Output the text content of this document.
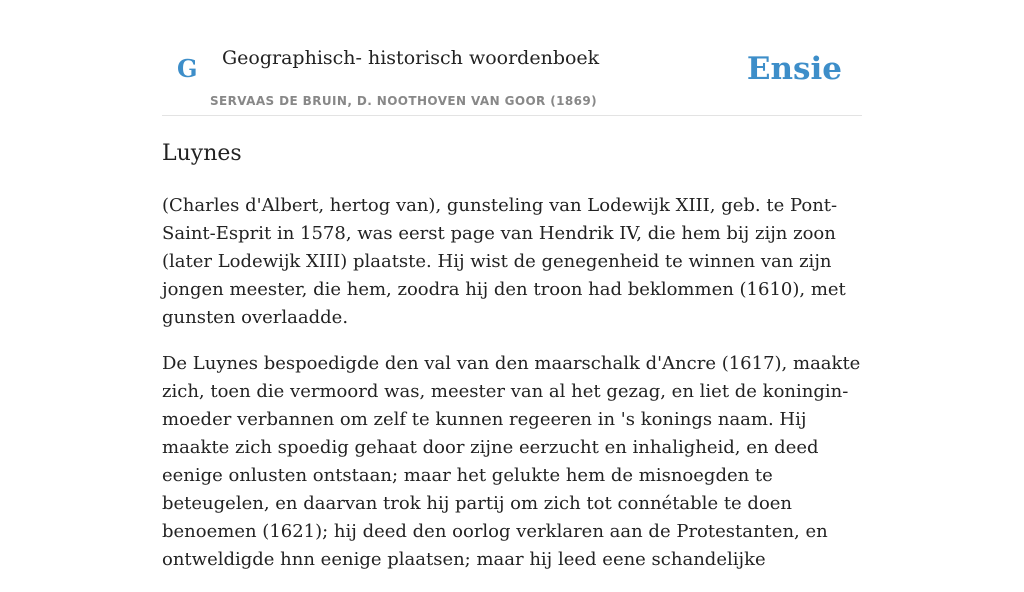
G Geographisch- historisch woordenboek
SERVAAS DE BRUIN, D. NOOTHOVEN VAN GOOR (1869)
Ensie
Luynes

(Charles d'Albert, hertog van), gunsteling van Lodewijk XIII, geb. te Pont-Saint-Esprit in 1578, was eerst page van Hendrik IV, die hem bij zijn zoon (later Lodewijk XIII) plaatste. Hij wist de genegenheid te winnen van zijn jongen meester, die hem, zoodra hij den troon had beklommen (1610), met gunsten overlaadde.

De Luynes bespoedigde den val van den maarschalk d'Ancre (1617), maakte zich, toen die vermoord was, meester van al het gezag, en liet de koningin-moeder verbannen om zelf te kunnen regeeren in 's konings naam. Hij maakte zich spoedig gehaat door zijne eerzucht en inhaligheid, en deed eenige onlusten ontstaan; maar het gelukte hem de misnoegden te beteugelen, en daarvan trok hij partij om zich tot connétable te doen benoemen (1621); hij deed den oorlog verklaren aan de Protestanten, en ontweldigde hnn eenige plaatsen; maar hij leed eene schandelijke
